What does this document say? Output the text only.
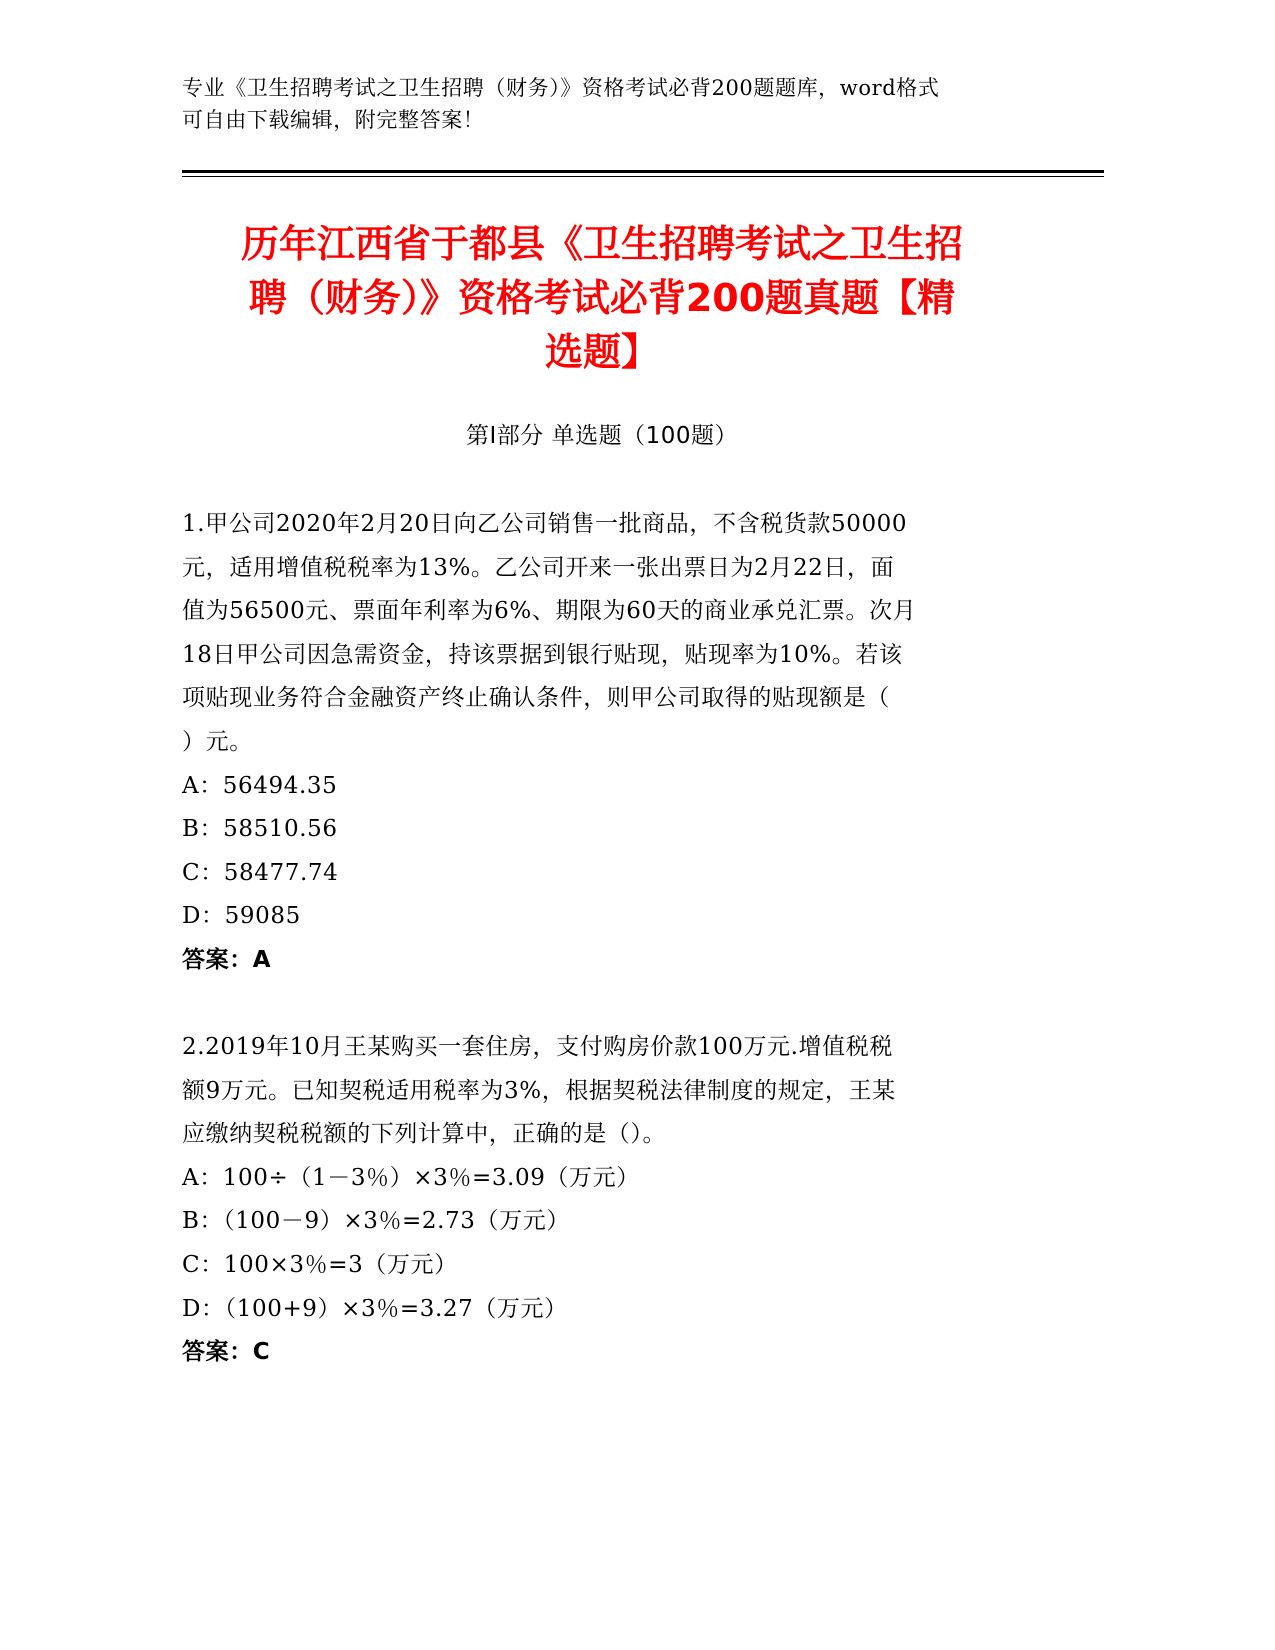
专业《卫生招聘考试之卫生招聘（财务）》资格考试必背200题题库，word格式
可自由下载编辑，附完整答案！
历年江西省于都县《卫生招聘考试之卫生招
聘（财务）》资格考试必背200题真题【精
选题】
第Ⅰ部分 单选题（100题）
1.甲公司2020年2月20日向乙公司销售一批商品，不含税货款50000
元，适用增值税税率为13%。乙公司开来一张出票日为2月22日，面
值为56500元、票面年利率为6%、期限为60天的商业承兑汇票。次月
18日甲公司因急需资金，持该票据到银行贴现，贴现率为10%。若该
项贴现业务符合金融资产终止确认条件，则甲公司取得的贴现额是（
）元。
A：56494.35
B：58510.56
C：58477.74
D：59085
答案：A
2.2019年10月王某购买一套住房，支付购房价款100万元.增值税税
额9万元。已知契税适用税率为3%，根据契税法律制度的规定，王某
应缴纳契税税额的下列计算中，正确的是（）。
A：100÷（1－3％）×3％=3.09（万元）
B：（100－9）×3％=2.73（万元）
C：100×3％=3（万元）
D：（100+9）×3％=3.27（万元）
答案：C
